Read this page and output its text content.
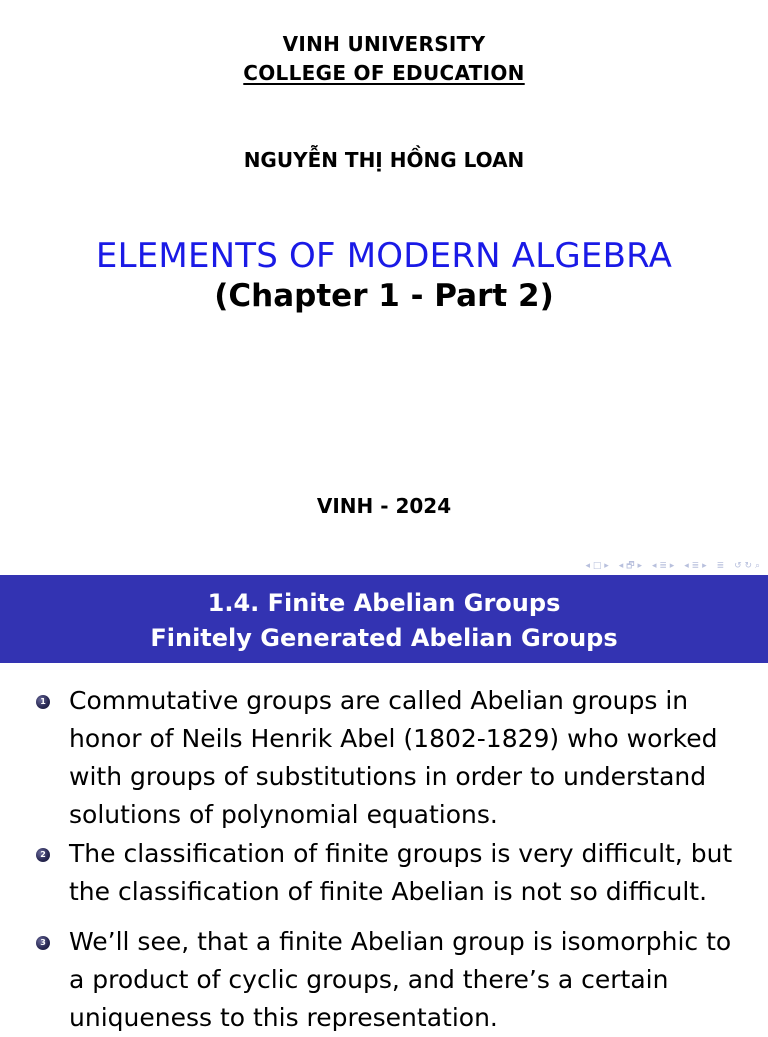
VINH UNIVERSITY
COLLEGE OF EDUCATION
NGUYỄN THỊ HỒNG LOAN
ELEMENTS OF MODERN ALGEBRA
(Chapter 1 - Part 2)
VINH - 2024
◂ □ ▸ ◂ 🗗 ▸ ◂ ≣ ▸ ◂ ≣ ▸ ≣ ↺ ↻ ⌕
1.4. Finite Abelian Groups
Finitely Generated Abelian Groups
1 Commutative groups are called Abelian groups in honor of Neils Henrik Abel (1802-1829) who worked with groups of substitutions in order to understand solutions of polynomial equations.
2 The classification of finite groups is very difficult, but the classification of finite Abelian is not so difficult.
3 We’ll see, that a finite Abelian group is isomorphic to a product of cyclic groups, and there’s a certain uniqueness to this representation.
